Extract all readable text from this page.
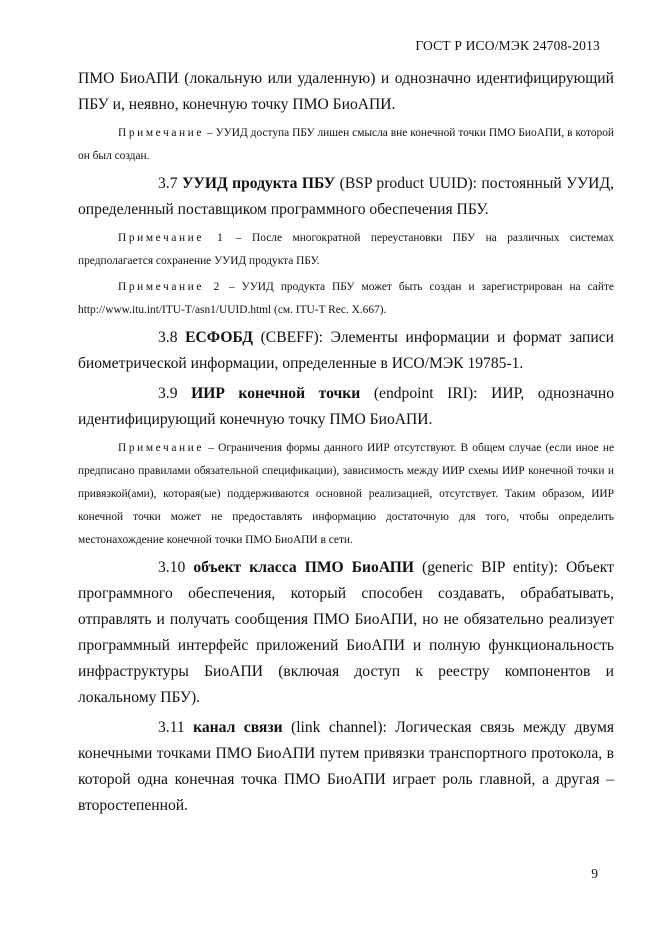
ГОСТ Р ИСО/МЭК 24708-2013

ПМО БиоАПИ (локальную или удаленную) и однозначно идентифицирующий ПБУ и, неявно, конечную точку ПМО БиоАПИ.

Примечание – УУИД доступа ПБУ лишен смысла вне конечной точки ПМО БиоАПИ, в которой он был создан.

3.7 УУИД продукта ПБУ (BSP product UUID): постоянный УУИД, определенный поставщиком программного обеспечения ПБУ.

Примечание 1 – После многократной переустановки ПБУ на различных системах предполагается сохранение УУИД продукта ПБУ.

Примечание 2 – УУИД продукта ПБУ может быть создан и зарегистрирован на сайте http://www.itu.int/ITU-T/asn1/UUID.html (см. ITU-T Rec. X.667).

3.8 ЕСФОБД (CBEFF): Элементы информации и формат записи биометрической информации, определенные в ИСО/МЭК 19785-1.

3.9 ИИР конечной точки (endpoint IRI): ИИР, однозначно идентифицирующий конечную точку ПМО БиоАПИ.

Примечание – Ограничения формы данного ИИР отсутствуют. В общем случае (если иное не предписано правилами обязательной спецификации), зависимость между ИИР схемы ИИР конечной точки и привязкой(ами), которая(ые) поддерживаются основной реализацией, отсутствует. Таким образом, ИИР конечной точки может не предоставлять информацию достаточную для того, чтобы определить местонахождение конечной точки ПМО БиоАПИ в сети.

3.10 объект класса ПМО БиоАПИ (generic BIP entity): Объект программного обеспечения, который способен создавать, обрабатывать, отправлять и получать сообщения ПМО БиоАПИ, но не обязательно реализует программный интерфейс приложений БиоАПИ и полную функциональность инфраструктуры БиоАПИ (включая доступ к реестру компонентов и локальному ПБУ).

3.11 канал связи (link channel): Логическая связь между двумя конечными точками ПМО БиоАПИ путем привязки транспортного протокола, в которой одна конечная точка ПМО БиоАПИ играет роль главной, а другая – второстепенной.

9
